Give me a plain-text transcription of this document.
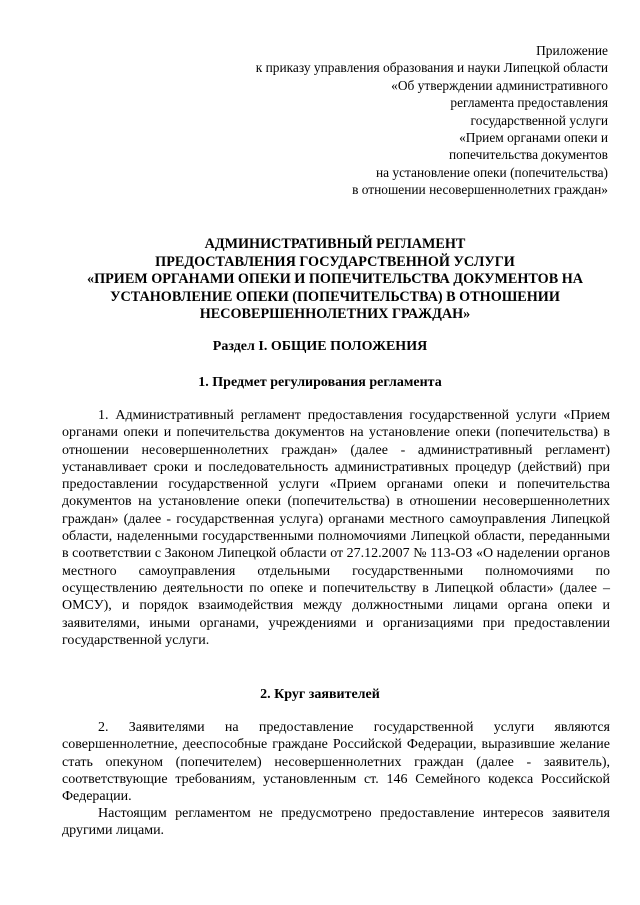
Приложение
к приказу управления образования и науки Липецкой области
«Об утверждении административного
регламента предоставления
государственной услуги
«Прием органами опеки и
попечительства документов
на установление опеки (попечительства)
в отношении несовершеннолетних граждан»
АДМИНИСТРАТИВНЫЙ РЕГЛАМЕНТ
ПРЕДОСТАВЛЕНИЯ ГОСУДАРСТВЕННОЙ УСЛУГИ
«ПРИЕМ ОРГАНАМИ ОПЕКИ И ПОПЕЧИТЕЛЬСТВА ДОКУМЕНТОВ НА
УСТАНОВЛЕНИЕ ОПЕКИ (ПОПЕЧИТЕЛЬСТВА) В ОТНОШЕНИИ
НЕСОВЕРШЕННОЛЕТНИХ ГРАЖДАН»
Раздел I. ОБЩИЕ ПОЛОЖЕНИЯ
1. Предмет регулирования регламента

1. Административный регламент предоставления государственной услуги «Прием органами опеки и попечительства документов на установление опеки (попечительства) в отношении несовершеннолетних граждан» (далее - административный регламент) устанавливает сроки и последовательность административных процедур (действий) при предоставлении государственной услуги «Прием органами опеки и попечительства документов на установление опеки (попечительства) в отношении несовершеннолетних граждан» (далее - государственная услуга) органами местного самоуправления Липецкой области, наделенными государственными полномочиями Липецкой области, переданными в соответствии с Законом Липецкой области от 27.12.2007 № 113-ОЗ «О наделении органов местного самоуправления отдельными государственными полномочиями по осуществлению деятельности по опеке и попечительству в Липецкой области» (далее – ОМСУ), и порядок взаимодействия между должностными лицами органа опеки и заявителями, иными органами, учреждениями и организациями при предоставлении государственной услуги.

2. Круг заявителей

2. Заявителями на предоставление государственной услуги являются совершеннолетние, дееспособные граждане Российской Федерации, выразившие желание стать опекуном (попечителем) несовершеннолетних граждан (далее - заявитель), соответствующие требованиям, установленным ст. 146 Семейного кодекса Российской Федерации.

Настоящим регламентом не предусмотрено предоставление интересов заявителя другими лицами.
